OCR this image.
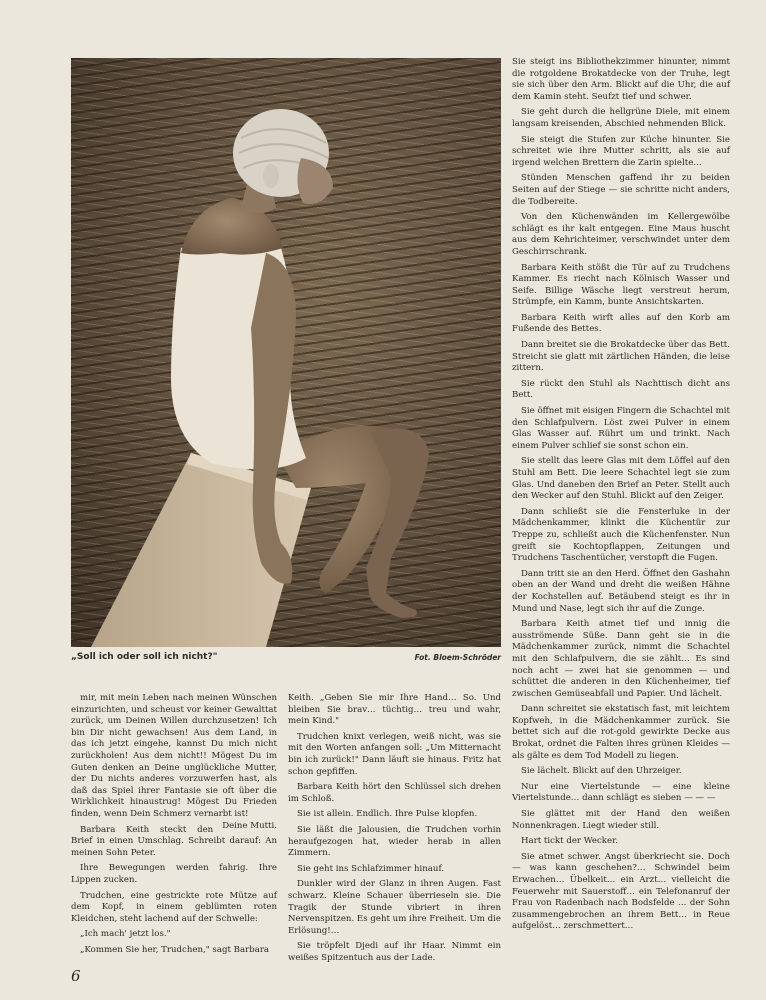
„Soll ich oder soll ich nicht?"	Fot. Bloem-Schröder

Sie steigt ins Bibliothekzimmer hinunter, nimmt die rotgoldene Brokatdecke von der Truhe, legt sie sich über den Arm. Blickt auf die Uhr, die auf dem Kamin steht. Seufzt tief und schwer.

Sie geht durch die hellgrüne Diele, mit einem langsam kreisenden, Abschied nehmenden Blick.

Sie steigt die Stufen zur Küche hinunter. Sie schreitet wie ihre Mutter schritt, als sie auf irgend welchen Brettern die Zarin spielte…

Stünden Menschen gaffend ihr zu beiden Seiten auf der Stiege — sie schritte nicht anders, die Todbereite.

Von den Küchenwänden im Kellergewölbe schlägt es ihr kalt entgegen. Eine Maus huscht aus dem Kehrichteimer, verschwindet unter dem Geschirrschrank.

Barbara Keith stößt die Tür auf zu Trudchens Kammer. Es riecht nach Kölnisch Wasser und Seife. Billige Wäsche liegt verstreut herum, Strümpfe, ein Kamm, bunte Ansichtskarten.

Barbara Keith wirft alles auf den Korb am Fußende des Bettes.

Dann breitet sie die Brokatdecke über das Bett. Streicht sie glatt mit zärtlichen Händen, die leise zittern.

Sie rückt den Stuhl als Nachttisch dicht ans Bett.

Sie öffnet mit eisigen Fingern die Schachtel mit den Schlafpulvern. Löst zwei Pulver in einem Glas Wasser auf. Rührt um und trinkt. Nach einem Pulver schlief sie sonst schon ein.

Sie stellt das leere Glas mit dem Löffel auf den Stuhl am Bett. Die leere Schachtel legt sie zum Glas. Und daneben den Brief an Peter. Stellt auch den Wecker auf den Stuhl. Blickt auf den Zeiger.

Dann schließt sie die Fensterluke in der Mädchenkammer, klinkt die Küchentür zur Treppe zu, schließt auch die Küchenfenster. Nun greift sie Kochtopflappen, Zeitungen und Trudchens Taschentücher, verstopft die Fugen.

Dann tritt sie an den Herd. Öffnet den Gashahn oben an der Wand und dreht die weißen Hähne der Kochstellen auf. Betäubend steigt es ihr in Mund und Nase, legt sich ihr auf die Zunge.

Barbara Keith atmet tief und innig die ausströmende Süße. Dann geht sie in die Mädchenkammer zurück, nimmt die Schachtel mit den Schlafpulvern, die sie zählt… Es sind noch acht — zwei hat sie genommen — und schüttet die anderen in den Küchenheimer, tief zwischen Gemüseabfall und Papier. Und lächelt.

Dann schreitet sie ekstatisch fast, mit leichtem Kopfweh, in die Mädchenkammer zurück. Sie bettet sich auf die rot-gold gewirkte Decke aus Brokat, ordnet die Falten ihres grünen Kleides — als gälte es dem Tod Modell zu liegen.

Sie lächelt. Blickt auf den Uhrzeiger.

Nur eine Viertelstunde — eine kleine Viertelstunde… dann schlägt es sieben — — —

Sie glättet mit der Hand den weißen Nonnenkragen. Liegt wieder still.

Hart tickt der Wecker.

Sie atmet schwer. Angst überkriecht sie. Doch — was kann geschehen?… Schwindel beim Erwachen… Übelkeit… ein Arzt… vielleicht die Feuerwehr mit Sauerstoff… ein Telefonanruf der Frau von Radenbach nach Bodsfelde … der Sohn zusammengebrochen an ihrem Bett… in Reue aufgelöst… zerschmettert…

mir, mit mein Leben nach meinen Wünschen einzurichten, und scheust vor keiner Gewalttat zurück, um Deinen Willen durchzusetzen! Ich bin Dir nicht gewachsen! Aus dem Land, in das ich jetzt eingehe, kannst Du mich nicht zurückholen! Aus dem nicht!! Mögest Du im Guten denken an Deine unglückliche Mutter, der Du nichts anderes vorzuwerfen hast, als daß das Spiel ihrer Fantasie sie oft über die Wirklichkeit hinaustrug! Mögest Du Frieden finden, wenn Dein Schmerz vernarbt ist!
Deine Mutti.

Barbara Keith steckt den Brief in einen Umschlag. Schreibt darauf: An meinen Sohn Peter.

Ihre Bewegungen werden fahrig. Ihre Lippen zucken.

Trudchen, eine gestrickte rote Mütze auf dem Kopf, in einem geblümten roten Kleidchen, steht lachend auf der Schwelle:

„Ich mach' jetzt los."

„Kommen Sie her, Trudchen," sagt Barbara

Keith. „Geben Sie mir Ihre Hand… So. Und bleiben Sie brav… tüchtig… treu und wahr, mein Kind."

Trudchen knixt verlegen, weiß nicht, was sie mit den Worten anfangen soll: „Um Mitternacht bin ich zurück!" Dann läuft sie hinaus. Fritz hat schon gepfiffen.

Barbara Keith hört den Schlüssel sich drehen im Schloß.

Sie ist allein. Endlich. Ihre Pulse klopfen.

Sie läßt die Jalousien, die Trudchen vorhin heraufgezogen hat, wieder herab in allen Zimmern.

Sie geht ins Schlafzimmer hinauf.

Dunkler wird der Glanz in ihren Augen. Fast schwarz. Kleine Schauer überrieseln sie. Die Tragik der Stunde vibriert in ihren Nervenspitzen. Es geht um ihre Freiheit. Um die Erlösung!…

Sie tröpfelt Djedi auf ihr Haar. Nimmt ein weißes Spitzentuch aus der Lade.

6
